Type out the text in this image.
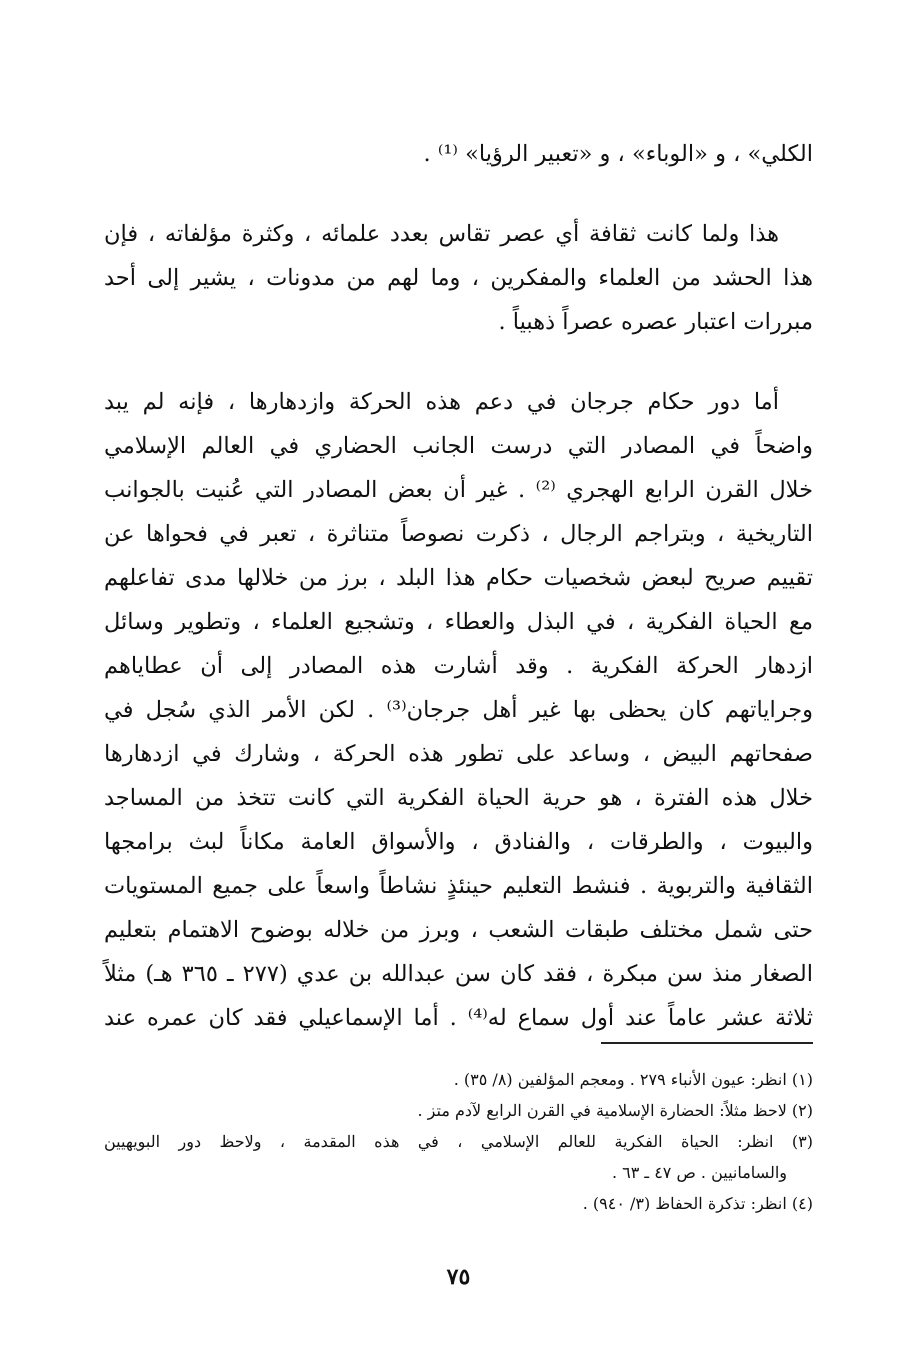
الكلي» ، و «الوباء» ، و «تعبير الرؤيا» ⁽¹⁾ .

هذا ولما كانت ثقافة أي عصر تقاس بعدد علمائه ، وكثرة مؤلفاته ، فإن
هذا الحشد من العلماء والمفكرين ، وما لهم من مدونات ، يشير إلى أحد
مبررات اعتبار عصره عصراً ذهبياً .

أما دور حكام جرجان في دعم هذه الحركة وازدهارها ، فإنه لم يبد
واضحاً في المصادر التي درست الجانب الحضاري في العالم الإسلامي
خلال القرن الرابع الهجري ⁽²⁾ . غير أن بعض المصادر التي عُنيت بالجوانب
التاريخية ، وبتراجم الرجال ، ذكرت نصوصاً متناثرة ، تعبر في فحواها عن
تقييم صريح لبعض شخصيات حكام هذا البلد ، برز من خلالها مدى تفاعلهم
مع الحياة الفكرية ، في البذل والعطاء ، وتشجيع العلماء ، وتطوير وسائل
ازدهار الحركة الفكرية . وقد أشارت هذه المصادر إلى أن عطاياهم
وجراياتهم كان يحظى بها غير أهل جرجان⁽³⁾ . لكن الأمر الذي سُجل في
صفحاتهم البيض ، وساعد على تطور هذه الحركة ، وشارك في ازدهارها
خلال هذه الفترة ، هو حرية الحياة الفكرية التي كانت تتخذ من المساجد
والبيوت ، والطرقات ، والفنادق ، والأسواق العامة مكاناً لبث برامجها
الثقافية والتربوية . فنشط التعليم حينئذٍ نشاطاً واسعاً على جميع المستويات
حتى شمل مختلف طبقات الشعب ، وبرز من خلاله بوضوح الاهتمام بتعليم
الصغار منذ سن مبكرة ، فقد كان سن عبدالله بن عدي (٢٧٧ ـ ٣٦٥ هـ) مثلاً
ثلاثة عشر عاماً عند أول سماع له⁽⁴⁾ . أما الإسماعيلي فقد كان عمره عند

(١) انظر: عيون الأنباء ٢٧٩ . ومعجم المؤلفين (٨/ ٣٥) .
(٢) لاحظ مثلاً: الحضارة الإسلامية في القرن الرابع لآدم متز .
(٣) انظر: الحياة الفكرية للعالم الإسلامي ، في هذه المقدمة ، ولاحظ دور البويهيين
والسامانيين . ص ٤٧ ـ ٦٣ .
(٤) انظر: تذكرة الحفاظ (٣/ ٩٤٠) .
٧٥
